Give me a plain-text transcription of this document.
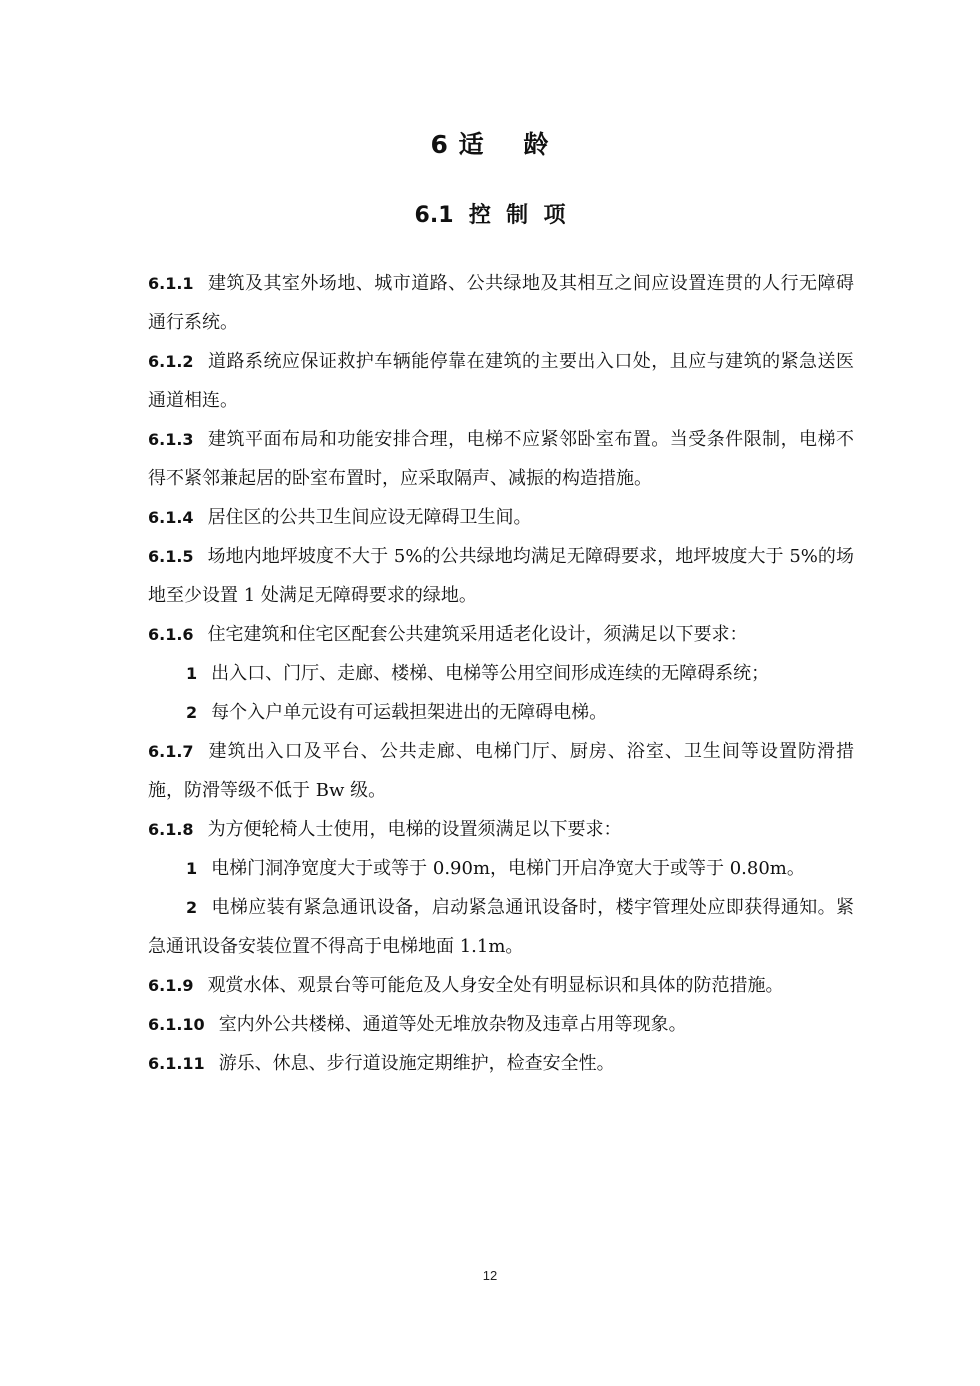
6 适    龄
6.1  控  制  项

6.1.1 建筑及其室外场地、城市道路、公共绿地及其相互之间应设置连贯的人行无障碍通行系统。

6.1.2 道路系统应保证救护车辆能停靠在建筑的主要出入口处，且应与建筑的紧急送医通道相连。

6.1.3 建筑平面布局和功能安排合理，电梯不应紧邻卧室布置。当受条件限制，电梯不得不紧邻兼起居的卧室布置时，应采取隔声、减振的构造措施。

6.1.4 居住区的公共卫生间应设无障碍卫生间。

6.1.5 场地内地坪坡度不大于 5%的公共绿地均满足无障碍要求，地坪坡度大于 5%的场地至少设置 1 处满足无障碍要求的绿地。

6.1.6 住宅建筑和住宅区配套公共建筑采用适老化设计，须满足以下要求：

1 出入口、门厅、走廊、楼梯、电梯等公用空间形成连续的无障碍系统；

2 每个入户单元设有可运载担架进出的无障碍电梯。

6.1.7 建筑出入口及平台、公共走廊、电梯门厅、厨房、浴室、卫生间等设置防滑措施，防滑等级不低于 Bw 级。

6.1.8 为方便轮椅人士使用，电梯的设置须满足以下要求：

1 电梯门洞净宽度大于或等于 0.90m，电梯门开启净宽大于或等于 0.80m。

2 电梯应装有紧急通讯设备，启动紧急通讯设备时，楼宇管理处应即获得通知。紧急通讯设备安装位置不得高于电梯地面 1.1m。

6.1.9 观赏水体、观景台等可能危及人身安全处有明显标识和具体的防范措施。

6.1.10 室内外公共楼梯、通道等处无堆放杂物及违章占用等现象。

6.1.11 游乐、休息、步行道设施定期维护，检查安全性。

12
